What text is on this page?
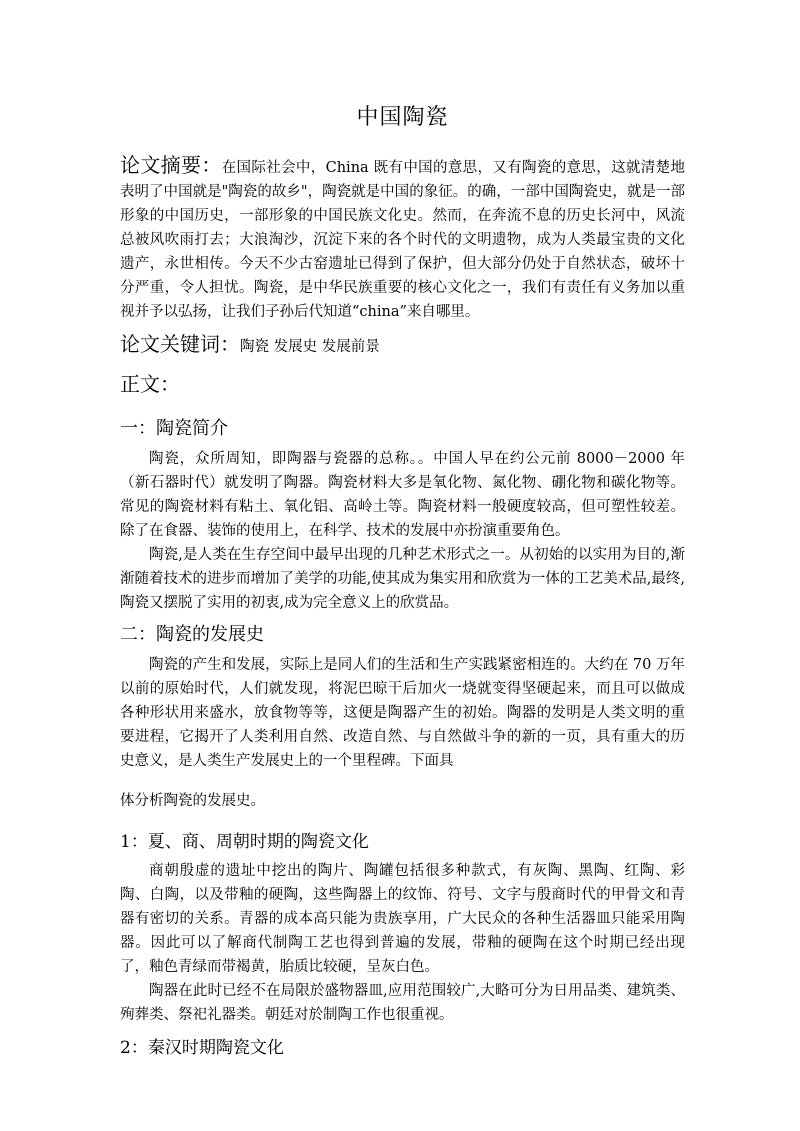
中国陶瓷

论文摘要：在国际社会中，China 既有中国的意思，又有陶瓷的意思，这就清楚地表明了中国就是"陶瓷的故乡"，陶瓷就是中国的象征。的确，一部中国陶瓷史，就是一部形象的中国历史，一部形象的中国民族文化史。然而，在奔流不息的历史长河中，风流总被风吹雨打去；大浪淘沙，沉淀下来的各个时代的文明遗物，成为人类最宝贵的文化遗产，永世相传。今天不少古窑遗址已得到了保护，但大部分仍处于自然状态，破坏十分严重，令人担忧。陶瓷，是中华民族重要的核心文化之一，我们有责任有义务加以重视并予以弘扬，让我们子孙后代知道“china”来自哪里。

论文关键词：陶瓷 发展史 发展前景

正文：
一：陶瓷简介

陶瓷，众所周知，即陶器与瓷器的总称。。中国人早在约公元前 8000－2000 年（新石器时代）就发明了陶器。陶瓷材料大多是氧化物、氮化物、硼化物和碳化物等。常见的陶瓷材料有粘土、氧化铝、高岭土等。陶瓷材料一般硬度较高，但可塑性较差。除了在食器、装饰的使用上，在科学、技术的发展中亦扮演重要角色。

陶瓷,是人类在生存空间中最早出现的几种艺术形式之一。从初始的以实用为目的,渐渐随着技术的进步而增加了美学的功能,使其成为集实用和欣赏为一体的工艺美术品,最终,陶瓷又摆脱了实用的初衷,成为完全意义上的欣赏品。

二：陶瓷的发展史

陶瓷的产生和发展，实际上是同人们的生活和生产实践紧密相连的。大约在 70 万年以前的原始时代，人们就发现，将泥巴晾干后加火一烧就变得坚硬起来，而且可以做成各种形状用来盛水，放食物等等，这便是陶器产生的初始。陶器的发明是人类文明的重要进程，它揭开了人类利用自然、改造自然、与自然做斗争的新的一页，具有重大的历史意义，是人类生产发展史上的一个里程碑。下面具

体分析陶瓷的发展史。

1：夏、商、周朝时期的陶瓷文化

商朝殷虚的遗址中挖出的陶片、陶罐包括很多种款式，有灰陶、黑陶、红陶、彩陶、白陶，以及带釉的硬陶，这些陶器上的纹饰、符号、文字与殷商时代的甲骨文和青器有密切的关系。青器的成本高只能为贵族享用，广大民众的各种生活器皿只能采用陶器。因此可以了解商代制陶工艺也得到普遍的发展，带釉的硬陶在这个时期已经出现了，釉色青绿而带褐黄，胎质比较硬，呈灰白色。

陶器在此时已经不在局限於盛物器皿,应用范围较广,大略可分为日用品类、建筑类、殉葬类、祭祀礼器类。朝廷对於制陶工作也很重视。

2：秦汉时期陶瓷文化
